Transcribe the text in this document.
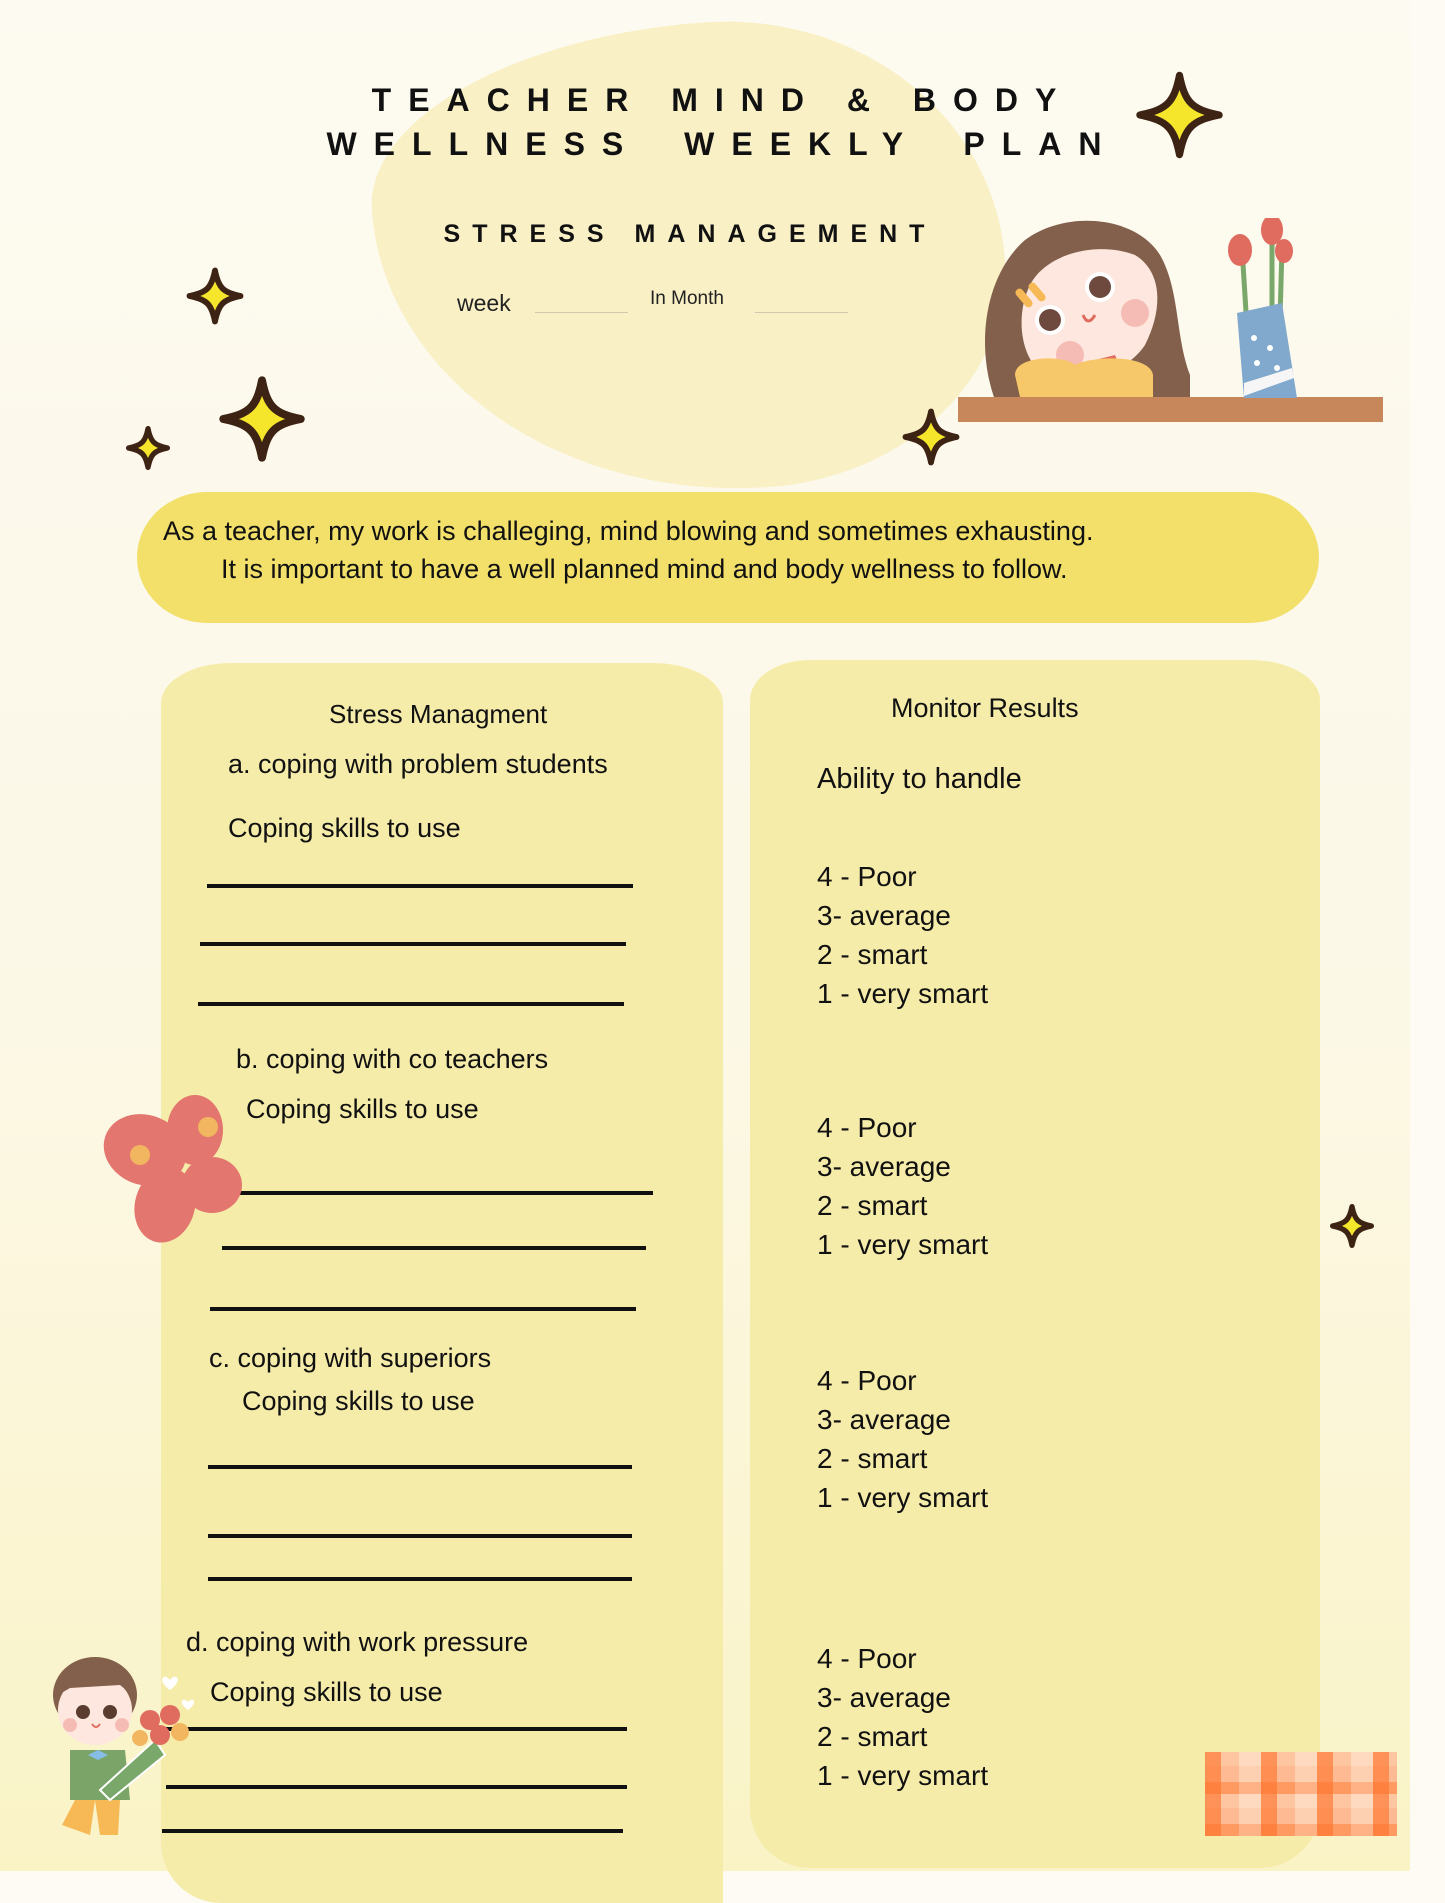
TEACHER MIND & BODY
WELLNESS WEEKLY PLAN
STRESS MANAGEMENT
week	In Month
As a teacher, my work is challeging, mind blowing and sometimes exhausting.
It is important to have a well planned mind and body wellness to follow.
Stress Managment
a. coping with problem students
Coping skills to use
b. coping with co teachers
Coping skills to use
c. coping with superiors
Coping skills to use
d. coping with work pressure
Coping skills to use
Monitor Results
Ability to handle
4 - Poor
3- average
2 - smart
1 - very smart
4 - Poor
3- average
2 - smart
1 - very smart
4 - Poor
3- average
2 - smart
1 - very smart
4 - Poor
3- average
2 - smart
1 - very smart
